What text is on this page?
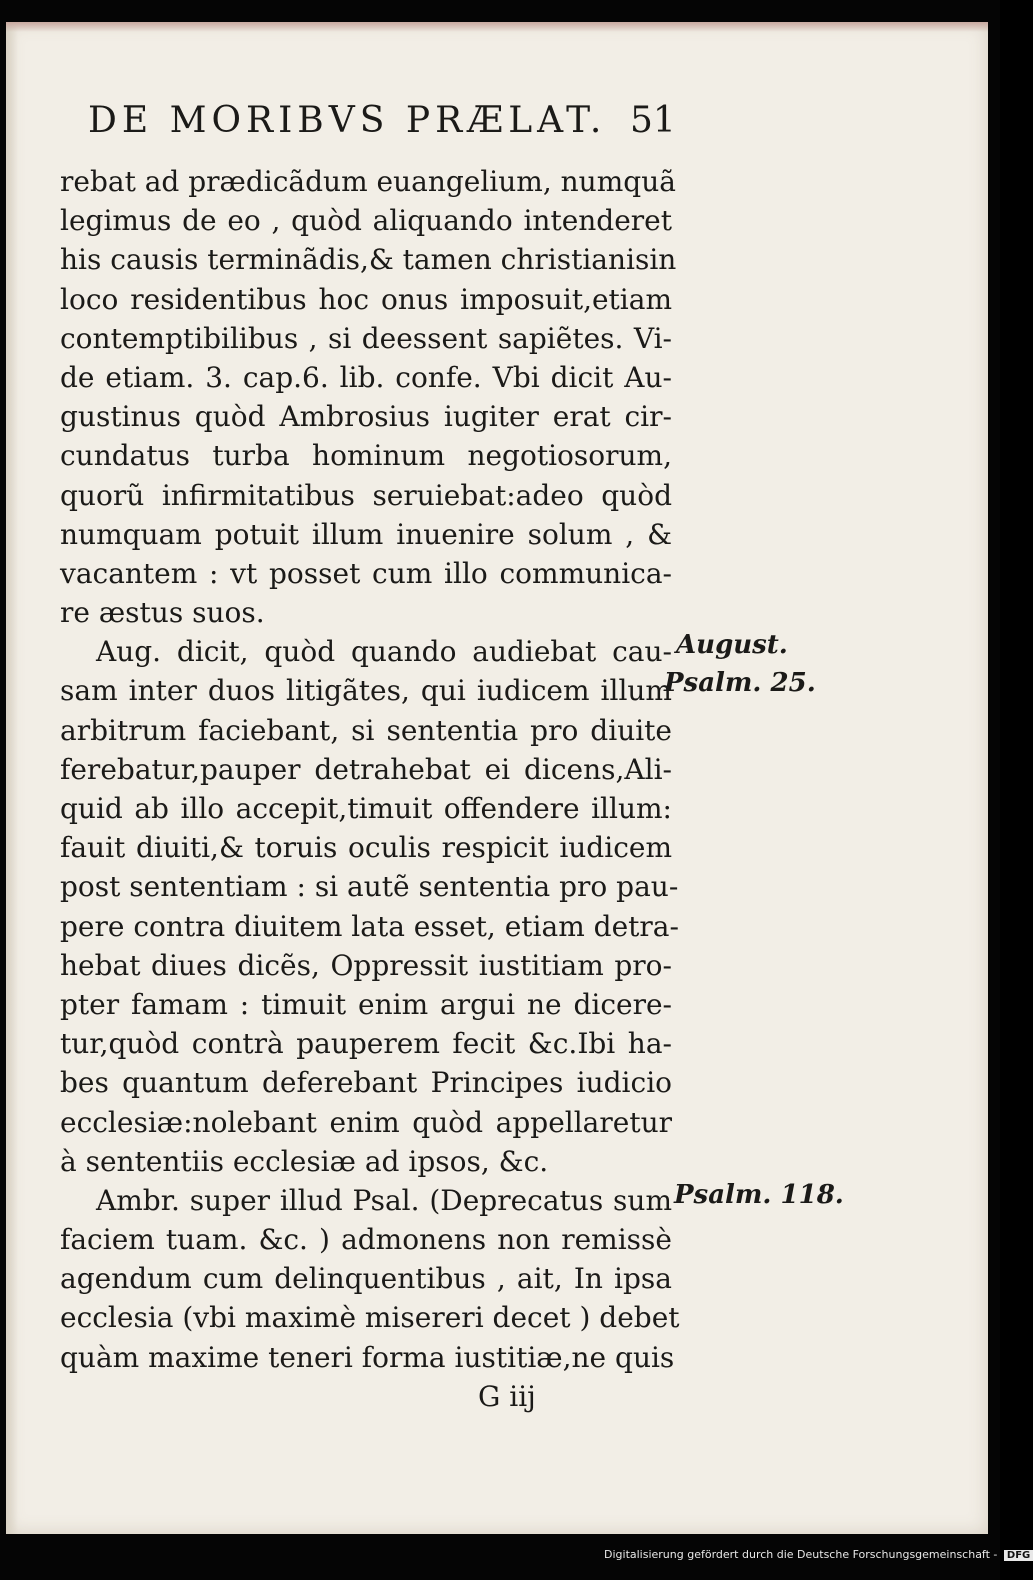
DE MORIBVS PRÆLAT. 51
rebat ad prædicãdum euangelium, numquã
legimus de eo , quòd aliquando intenderet
his causis terminãdis,& tamen christianisin
loco residentibus hoc onus imposuit,etiam
contemptibilibus , si deessent sapiẽtes. Vi-
de etiam. 3. cap.6. lib. confe. Vbi dicit Au-
gustinus quòd Ambrosius iugiter erat cir-
cundatus turba hominum negotiosorum,
quorũ infirmitatibus seruiebat:adeo quòd
numquam potuit illum inuenire solum , &
vacantem : vt posset cum illo communica-
re æstus suos.
Aug. dicit, quòd quando audiebat cau-
sam inter duos litigãtes, qui iudicem illum
arbitrum faciebant, si sententia pro diuite
ferebatur,pauper detrahebat ei dicens,Ali-
quid ab illo accepit,timuit offendere illum:
fauit diuiti,& toruis oculis respicit iudicem
post sententiam : si autẽ sententia pro pau-
pere contra diuitem lata esset, etiam detra-
hebat diues dicẽs, Oppressit iustitiam pro-
pter famam : timuit enim argui ne dicere-
tur,quòd contrà pauperem fecit &c.Ibi ha-
bes quantum deferebant Principes iudicio
ecclesiæ:nolebant enim quòd appellaretur
à sententiis ecclesiæ ad ipsos, &c.
Ambr. super illud Psal. (Deprecatus sum
faciem tuam. &c. ) admonens non remissè
agendum cum delinquentibus , ait, In ipsa
ecclesia (vbi maximè misereri decet ) debet
quàm maxime teneri forma iustitiæ,ne quis
G iij
August.
Psalm. 25.
Psalm. 118.
Digitalisierung gefördert durch die Deutsche Forschungsgemeinschaft - DFG
